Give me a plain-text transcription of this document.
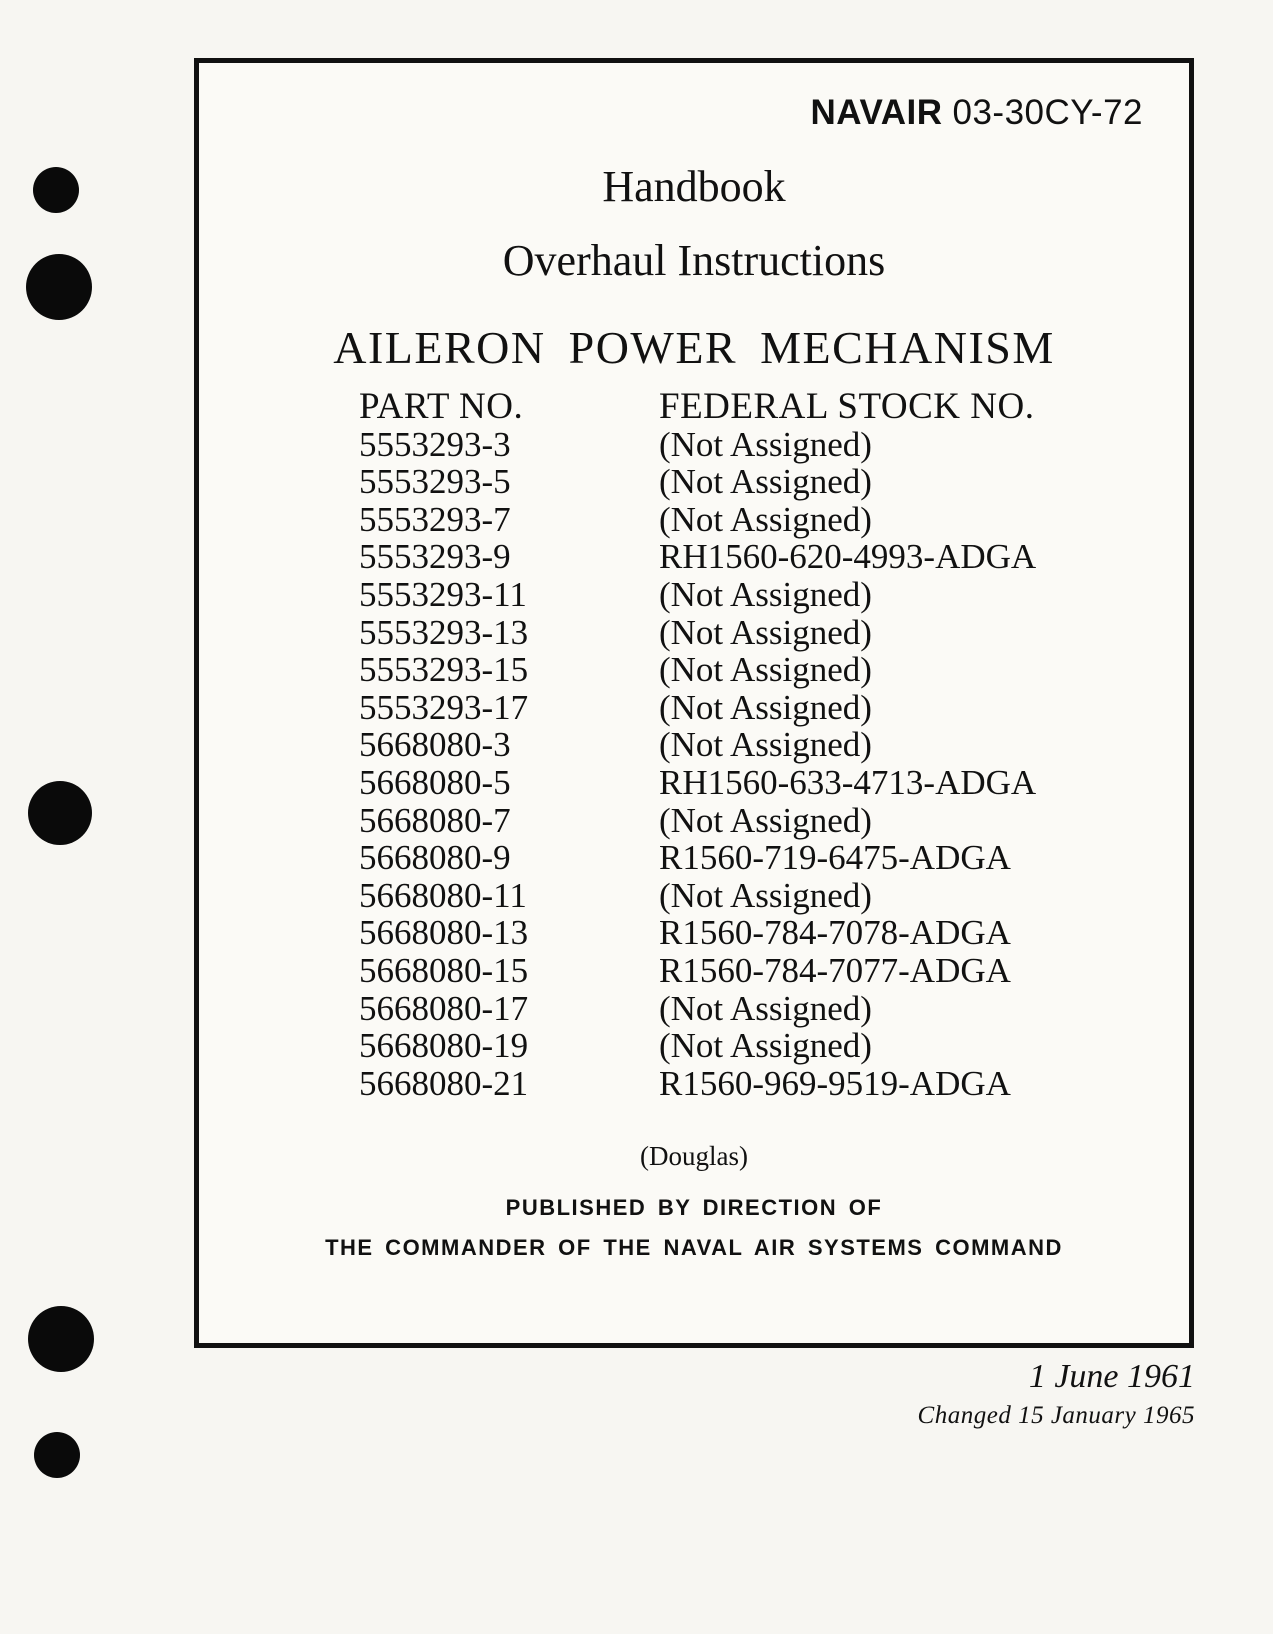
NAVAIR 03-30CY-72
Handbook
Overhaul Instructions
AILERON POWER MECHANISM
PART NO.	FEDERAL STOCK NO.
5553293-3	(Not Assigned)
5553293-5	(Not Assigned)
5553293-7	(Not Assigned)
5553293-9	RH1560-620-4993-ADGA
5553293-11	(Not Assigned)
5553293-13	(Not Assigned)
5553293-15	(Not Assigned)
5553293-17	(Not Assigned)
5668080-3	(Not Assigned)
5668080-5	RH1560-633-4713-ADGA
5668080-7	(Not Assigned)
5668080-9	R1560-719-6475-ADGA
5668080-11	(Not Assigned)
5668080-13	R1560-784-7078-ADGA
5668080-15	R1560-784-7077-ADGA
5668080-17	(Not Assigned)
5668080-19	(Not Assigned)
5668080-21	R1560-969-9519-ADGA
(Douglas)
PUBLISHED BY DIRECTION OF
THE COMMANDER OF THE NAVAL AIR SYSTEMS COMMAND
1 June 1961
Changed 15 January 1965
